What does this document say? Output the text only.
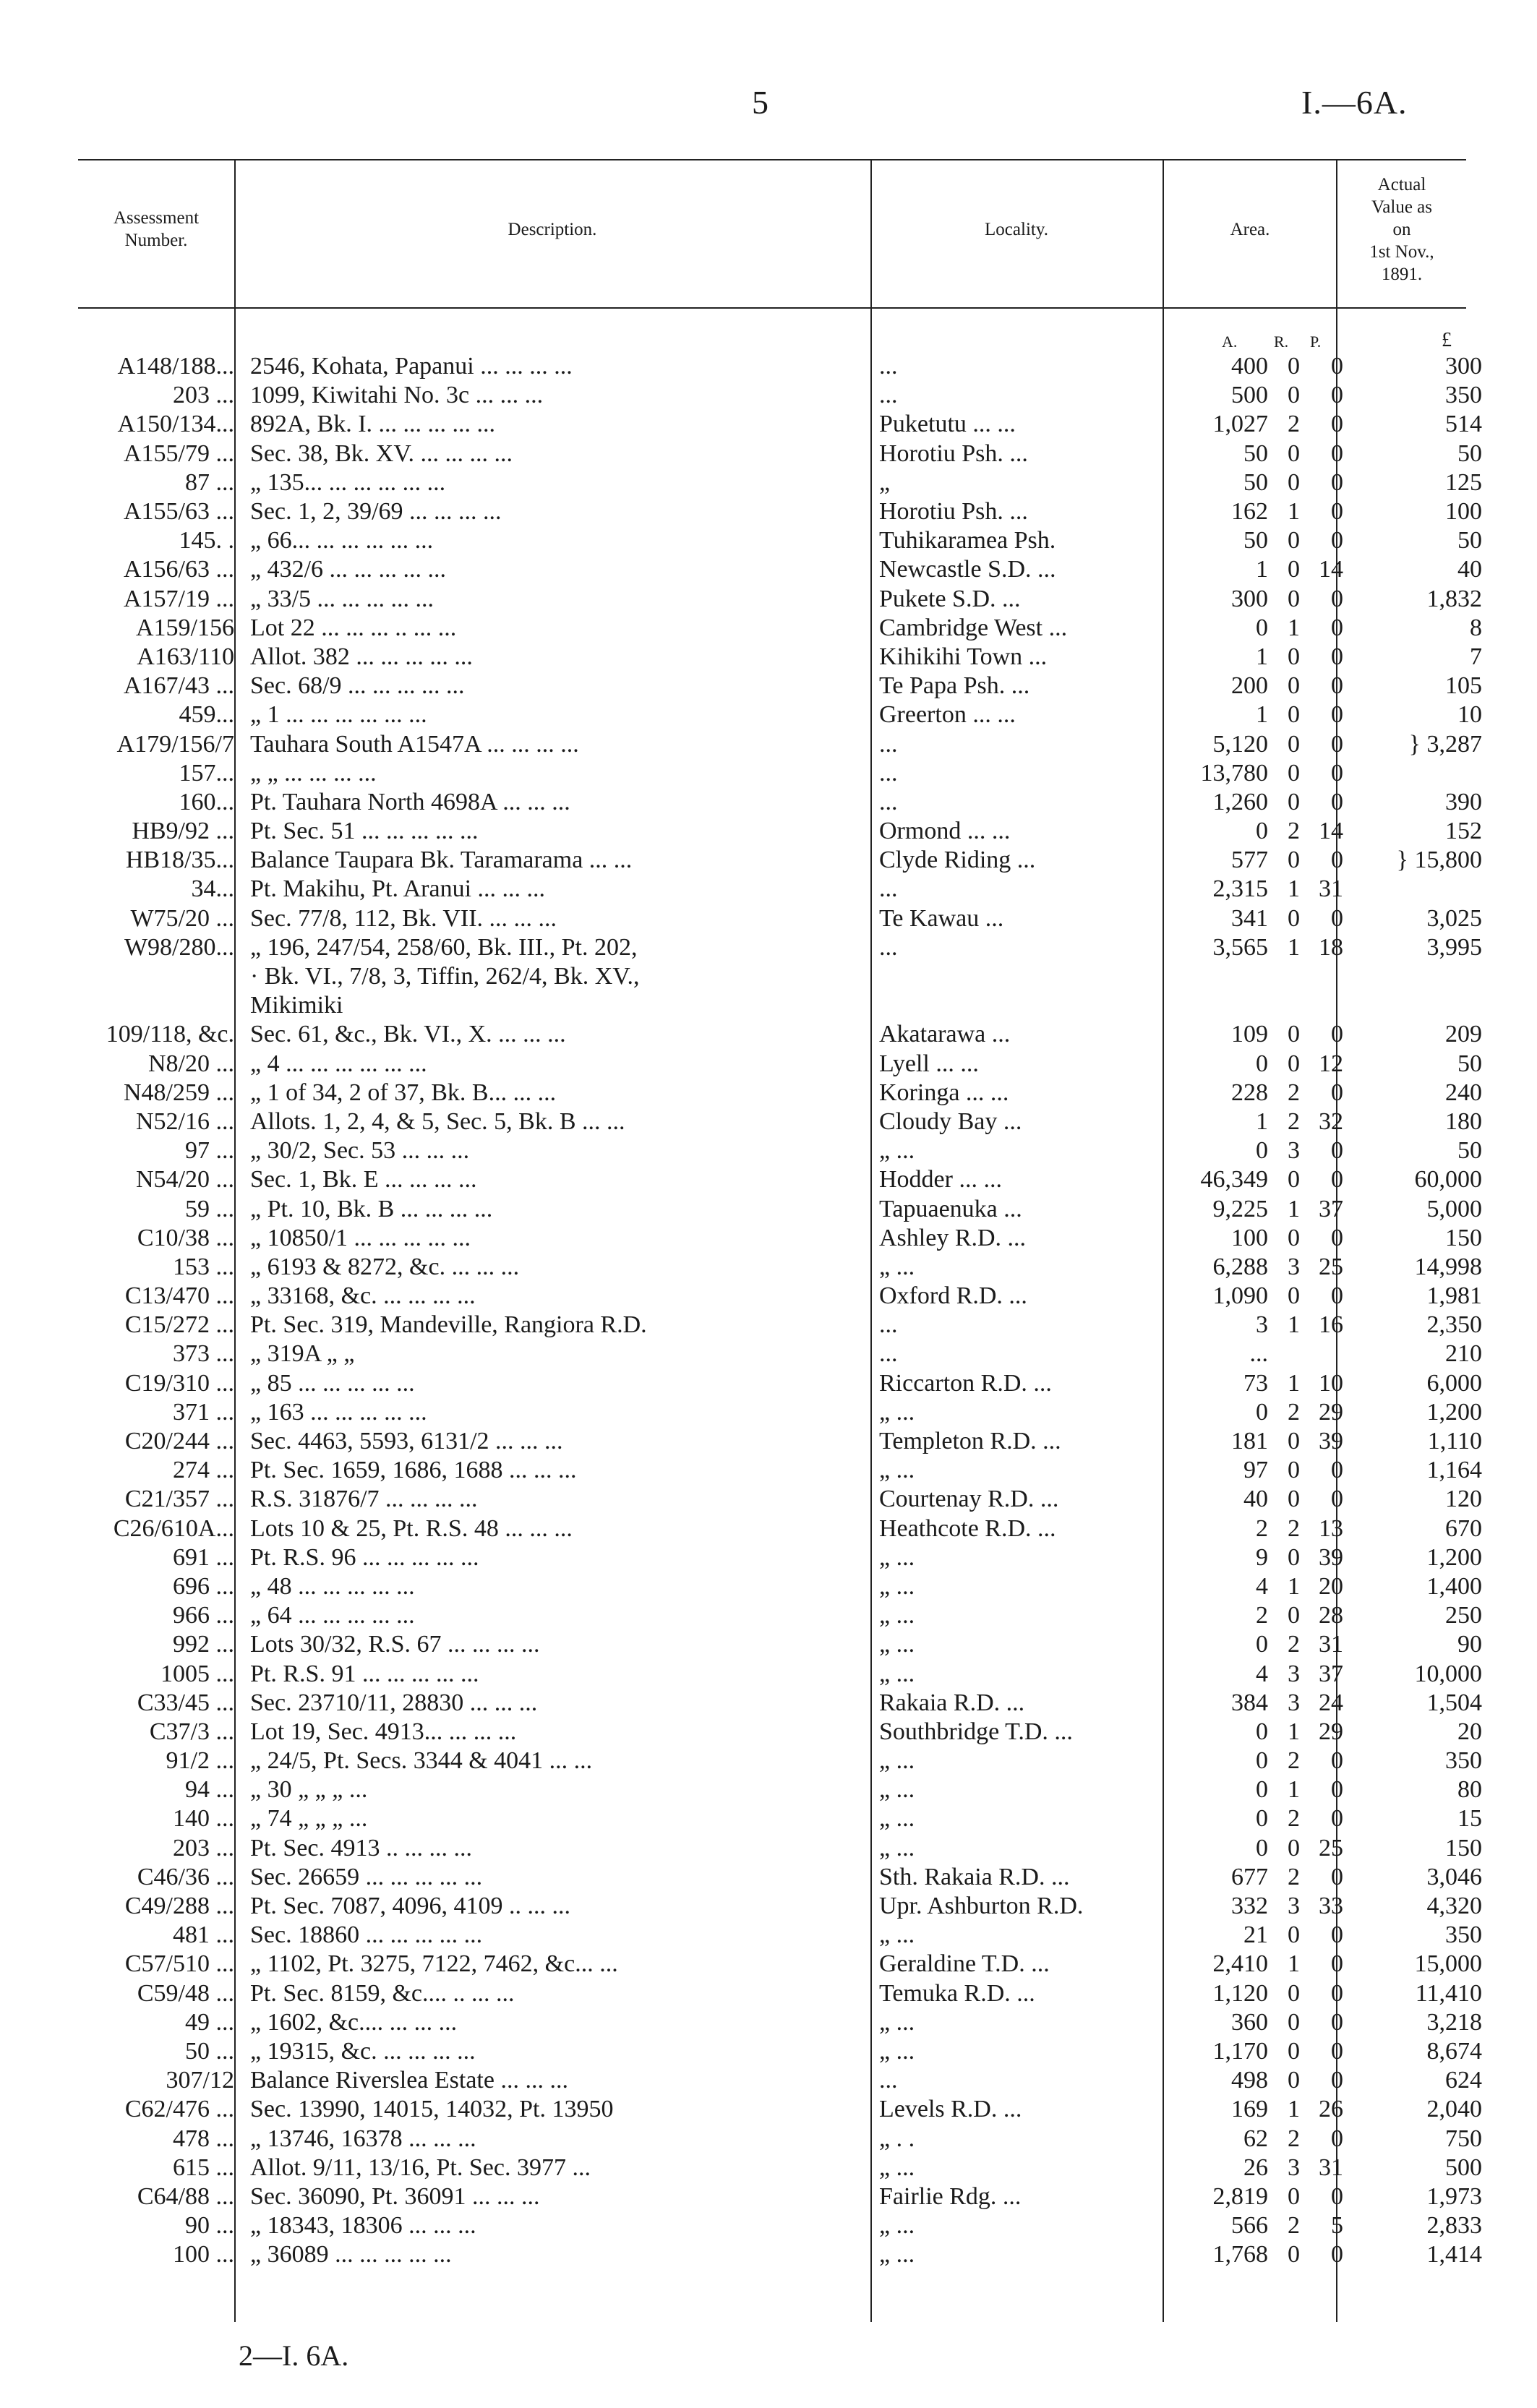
5	I.—6A.
Assessment
Number.
Description.	Locality.	Area.
Actual
Value as
on
1st Nov.,
1891.
A. R. P.	£
A148/188...	2546, Kohata, Papanui ... ... ... ...	...	400	0	0	300
203 ...	1099, Kiwitahi No. 3c ... ... ...	...	500	0	0	350
A150/134...	892A, Bk. I. ... ... ... ... ...	Puketutu ... ...	1,027	2	0	514
A155/79 ...	Sec. 38, Bk. XV. ... ... ... ...	Horotiu Psh. ...	50	0	0	50
87 ...	„ 135... ... ... ... ... ...	„	50	0	0	125
A155/63 ...	Sec. 1, 2, 39/69 ... ... ... ...	Horotiu Psh. ...	162	1	0	100
145. .	„ 66... ... ... ... ... ...	Tuhikaramea Psh.	50	0	0	50
A156/63 ...	„ 432/6 ... ... ... ... ...	Newcastle S.D. ...	1	0	14	40
A157/19 ...	„ 33/5 ... ... ... ... ...	Pukete S.D. ...	300	0	0	1,832
A159/156	Lot 22 ... ... ... .. ... ...	Cambridge West ...	0	1	0	8
A163/110	Allot. 382 ... ... ... ... ...	Kihikihi Town ...	1	0	0	7
A167/43 ...	Sec. 68/9 ... ... ... ... ...	Te Papa Psh. ...	200	0	0	105
459...	„ 1 ... ... ... ... ... ...	Greerton ... ...	1	0	0	10
A179/156/7	Tauhara South A1547A ... ... ... ...	...	5,120	0	0	} 3,287
157...	„ „ ... ... ... ...	...	13,780	0	0	
160...	Pt. Tauhara North 4698A ... ... ...	...	1,260	0	0	390
HB9/92 ...	Pt. Sec. 51 ... ... ... ... ...	Ormond ... ...	0	2	14	152
HB18/35...	Balance Taupara Bk. Taramarama ... ...	Clyde Riding ...	577	0	0	} 15,800
34...	Pt. Makihu, Pt. Aranui ... ... ...	...	2,315	1	31	
W75/20 ...	Sec. 77/8, 112, Bk. VII. ... ... ...	Te Kawau ...	341	0	0	3,025
W98/280...	„ 196, 247/54, 258/60, Bk. III., Pt. 202,	...	3,565	1	18	3,995
	· Bk. VI., 7/8, 3, Tiffin, 262/4, Bk. XV.,					
	Mikimiki					
109/118, &c.	Sec. 61, &c., Bk. VI., X. ... ... ...	Akatarawa ...	109	0	0	209
N8/20 ...	„ 4 ... ... ... ... ... ...	Lyell ... ...	0	0	12	50
N48/259 ...	„ 1 of 34, 2 of 37, Bk. B... ... ...	Koringa ... ...	228	2	0	240
N52/16 ...	Allots. 1, 2, 4, & 5, Sec. 5, Bk. B ... ...	Cloudy Bay ...	1	2	32	180
97 ...	„ 30/2, Sec. 53 ... ... ...	„ ...	0	3	0	50
N54/20 ...	Sec. 1, Bk. E ... ... ... ...	Hodder ... ...	46,349	0	0	60,000
59 ...	„ Pt. 10, Bk. B ... ... ... ...	Tapuaenuka ...	9,225	1	37	5,000
C10/38 ...	„ 10850/1 ... ... ... ... ...	Ashley R.D. ...	100	0	0	150
153 ...	„ 6193 & 8272, &c. ... ... ...	„ ...	6,288	3	25	14,998
C13/470 ...	„ 33168, &c. ... ... ... ...	Oxford R.D. ...	1,090	0	0	1,981
C15/272 ...	Pt. Sec. 319, Mandeville, Rangiora R.D.	...	3	1	16	2,350
373 ...	„ 319A „ „	...	...			210
C19/310 ...	„ 85 ... ... ... ... ...	Riccarton R.D. ...	73	1	10	6,000
371 ...	„ 163 ... ... ... ... ...	„ ...	0	2	29	1,200
C20/244 ...	Sec. 4463, 5593, 6131/2 ... ... ...	Templeton R.D. ...	181	0	39	1,110
274 ...	Pt. Sec. 1659, 1686, 1688 ... ... ...	„ ...	97	0	0	1,164
C21/357 ...	R.S. 31876/7 ... ... ... ...	Courtenay R.D. ...	40	0	0	120
C26/610A...	Lots 10 & 25, Pt. R.S. 48 ... ... ...	Heathcote R.D. ...	2	2	13	670
691 ...	Pt. R.S. 96 ... ... ... ... ...	„ ...	9	0	39	1,200
696 ...	„ 48 ... ... ... ... ...	„ ...	4	1	20	1,400
966 ...	„ 64 ... ... ... ... ...	„ ...	2	0	28	250
992 ...	Lots 30/32, R.S. 67 ... ... ... ...	„ ...	0	2	31	90
1005 ...	Pt. R.S. 91 ... ... ... ... ...	„ ...	4	3	37	10,000
C33/45 ...	Sec. 23710/11, 28830 ... ... ...	Rakaia R.D. ...	384	3	24	1,504
C37/3 ...	Lot 19, Sec. 4913... ... ... ...	Southbridge T.D. ...	0	1	29	20
91/2 ...	„ 24/5, Pt. Secs. 3344 & 4041 ... ...	„ ...	0	2	0	350
94 ...	„ 30 „ „ „ ...	„ ...	0	1	0	80
140 ...	„ 74 „ „ „ ...	„ ...	0	2	0	15
203 ...	Pt. Sec. 4913 .. ... ... ...	„ ...	0	0	25	150
C46/36 ...	Sec. 26659 ... ... ... ... ...	Sth. Rakaia R.D. ...	677	2	0	3,046
C49/288 ...	Pt. Sec. 7087, 4096, 4109 .. ... ...	Upr. Ashburton R.D.	332	3	33	4,320
481 ...	Sec. 18860 ... ... ... ... ...	„ ...	21	0	0	350
C57/510 ...	„ 1102, Pt. 3275, 7122, 7462, &c... ...	Geraldine T.D. ...	2,410	1	0	15,000
C59/48 ...	Pt. Sec. 8159, &c.... .. ... ...	Temuka R.D. ...	1,120	0	0	11,410
49 ...	„ 1602, &c.... ... ... ...	„ ...	360	0	0	3,218
50 ...	„ 19315, &c. ... ... ... ...	„ ...	1,170	0	0	8,674
307/12	Balance Riverslea Estate ... ... ...	...	498	0	0	624
C62/476 ...	Sec. 13990, 14015, 14032, Pt. 13950	Levels R.D. ...	169	1	26	2,040
478 ...	„ 13746, 16378 ... ... ...	„ . .	62	2	0	750
615 ...	Allot. 9/11, 13/16, Pt. Sec. 3977 ...	„ ...	26	3	31	500
C64/88 ...	Sec. 36090, Pt. 36091 ... ... ...	Fairlie Rdg. ...	2,819	0	0	1,973
90 ...	„ 18343, 18306 ... ... ...	„ ...	566	2	5	2,833
100 ...	„ 36089 ... ... ... ... ...	„ ...	1,768	0	0	1,414
2—I. 6A.
